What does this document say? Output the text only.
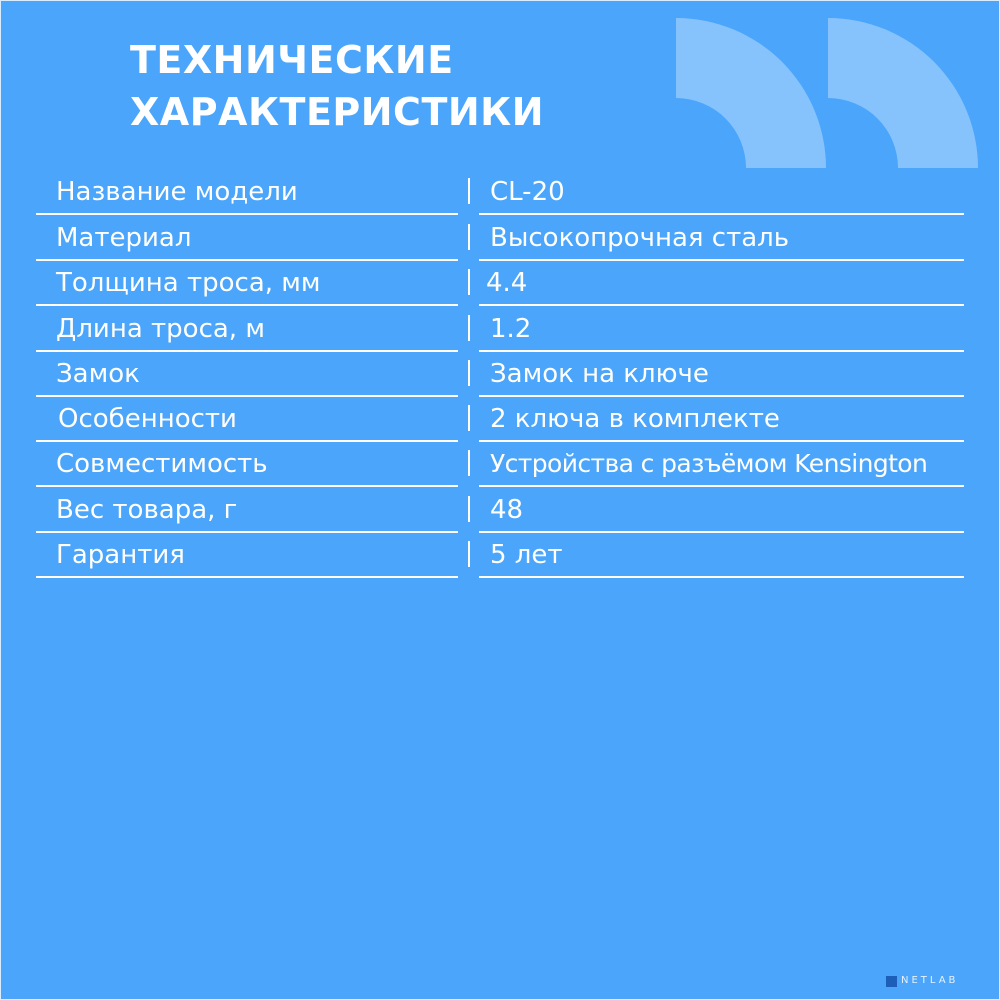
ТЕХНИЧЕСКИЕ
ХАРАКТЕРИСТИКИ
Название модели	CL-20
Материал	Высокопрочная сталь
Толщина троса, мм	4.4
Длина троса, м	1.2
Замок	Замок на ключе
Особенности	2 ключа в комплекте
Совместимость	Устройства с разъёмом Kensington
Вес товара, г	48
Гарантия	5 лет
NETLAB
